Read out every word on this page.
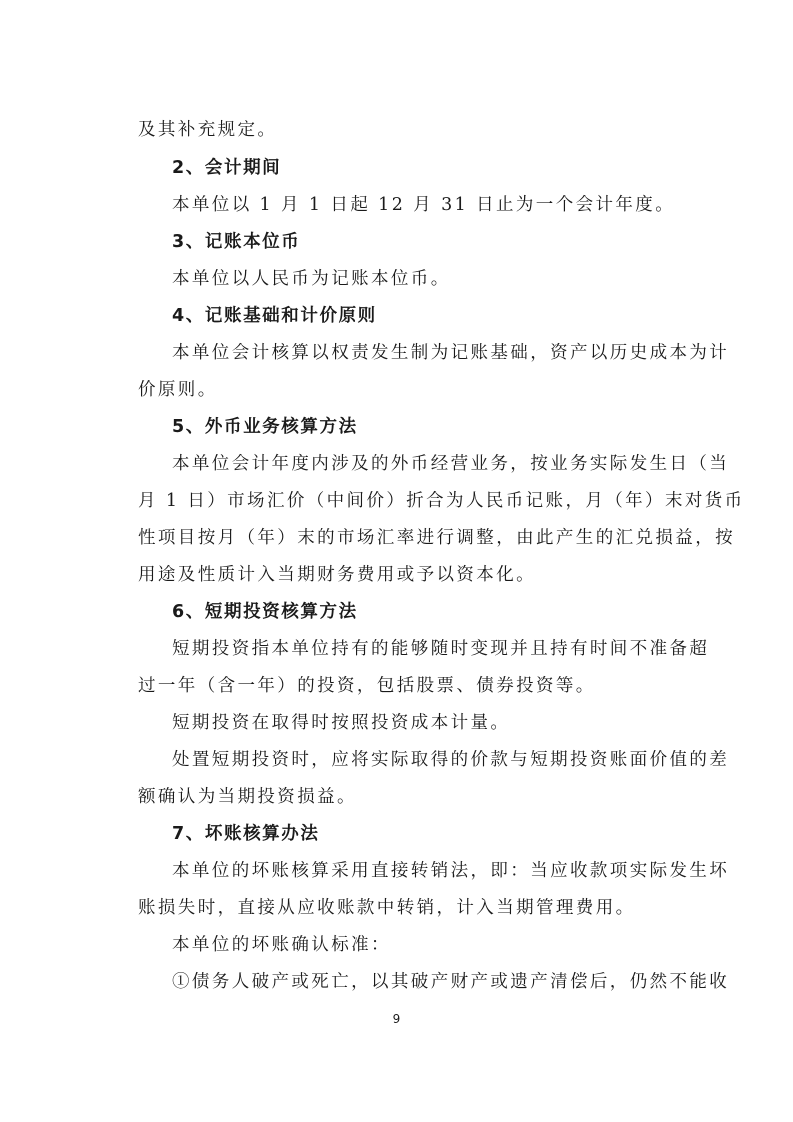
及其补充规定。
2、会计期间
本单位以 1 月 1 日起 12 月 31 日止为一个会计年度。
3、记账本位币
本单位以人民币为记账本位币。
4、记账基础和计价原则
本单位会计核算以权责发生制为记账基础，资产以历史成本为计
价原则。
5、外币业务核算方法
本单位会计年度内涉及的外币经营业务，按业务实际发生日（当
月 1 日）市场汇价（中间价）折合为人民币记账，月（年）末对货币
性项目按月（年）末的市场汇率进行调整，由此产生的汇兑损益，按
用途及性质计入当期财务费用或予以资本化。
6、短期投资核算方法
短期投资指本单位持有的能够随时变现并且持有时间不准备超
过一年（含一年）的投资，包括股票、债券投资等。
短期投资在取得时按照投资成本计量。
处置短期投资时，应将实际取得的价款与短期投资账面价值的差
额确认为当期投资损益。
7、坏账核算办法
本单位的坏账核算采用直接转销法，即：当应收款项实际发生坏
账损失时，直接从应收账款中转销，计入当期管理费用。
本单位的坏账确认标准：
①债务人破产或死亡，以其破产财产或遗产清偿后，仍然不能收
9
